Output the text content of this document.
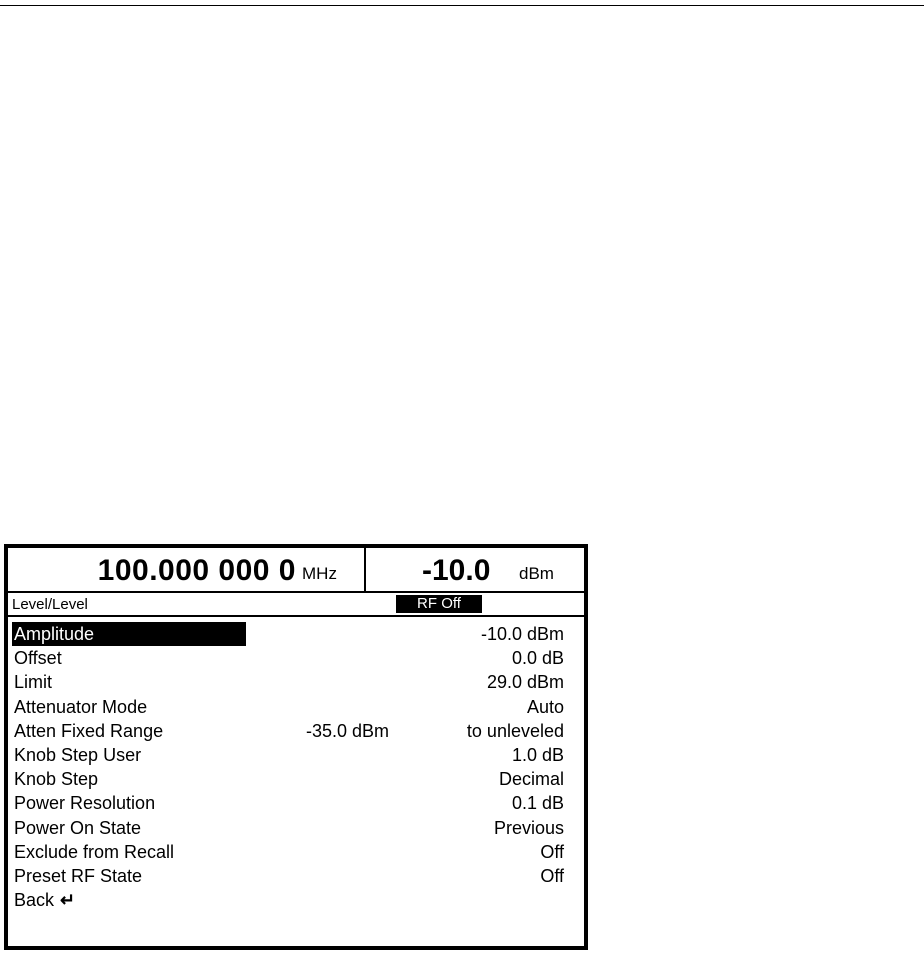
100.000 000 0 MHz	-10.0 dBm
Level/Level	RF Off
Amplitude	-10.0 dBm
Offset	0.0 dB
Limit	29.0 dBm
Attenuator Mode	Auto
Atten Fixed Range	-35.0 dBm	to unleveled
Knob Step User	1.0 dB
Knob Step	Decimal
Power Resolution	0.1 dB
Power On State	Previous
Exclude from Recall	Off
Preset RF State	Off
Back ↵
